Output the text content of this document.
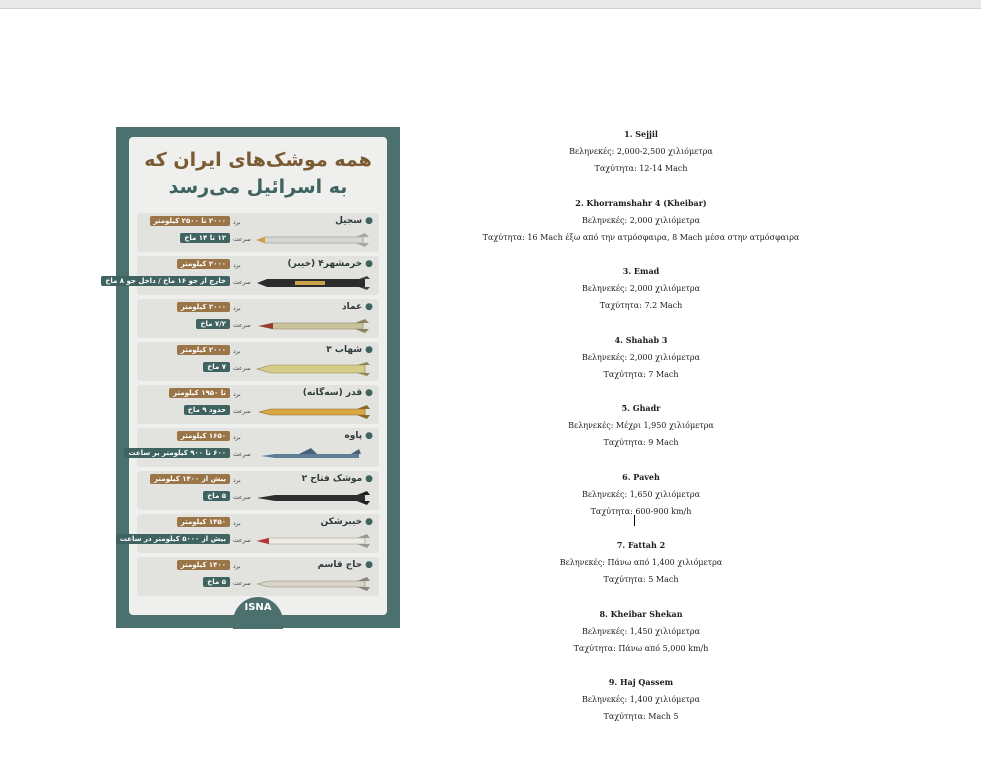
همه موشک‌های ایران که
به اسرائیل می‌رسد
●سجیل
۲۰۰۰ تا ۲۵۰۰ کیلومتر	برد
۱۲ تا ۱۴ ماخ	سرعت
●خرمشهر۴ (خیبر)
۲۰۰۰ کیلومتر	برد
خارج از جو ۱۶ ماخ / داخل جو ۸ ماخ	سرعت
●عماد
۲۰۰۰ کیلومتر	برد
۷/۲ ماخ	سرعت
●شهاب ۳
۲۰۰۰ کیلومتر	برد
۷ ماخ	سرعت
●قدر (سه‌گانه)
تا ۱۹۵۰ کیلومتر	برد
حدود ۹ ماخ	سرعت
●پاوه
۱۶۵۰ کیلومتر	برد
۶۰۰ تا ۹۰۰ کیلومتر بر ساعت	سرعت
●موشک فتاح ۲
بیش از ۱۴۰۰ کیلومتر	برد
۵ ماخ	سرعت
●خیبرشکن
۱۴۵۰ کیلومتر	برد
بیش از ۵۰۰۰ کیلومتر در ساعت	سرعت
●حاج قاسم
۱۴۰۰ کیلومتر	برد
۵ ماخ	سرعت
ISNA
1. Sejjil
Βεληνεκές: 2,000-2,500 χιλιόμετρα
Ταχύτητα: 12-14 Mach
2. Khorramshahr 4 (Kheibar)
Βεληνεκές: 2,000 χιλιόμετρα
Ταχύτητα: 16 Mach έξω από την ατμόσφαιρα, 8 Mach μέσα στην ατμόσφαιρα
3. Emad
Βεληνεκές: 2,000 χιλιόμετρα
Ταχύτητα: 7.2 Mach
4. Shahab 3
Βεληνεκές: 2,000 χιλιόμετρα
Ταχύτητα: 7 Mach
5. Ghadr
Βεληνεκές: Μέχρι 1,950 χιλιόμετρα
Ταχύτητα: 9 Mach
6. Paveh
Βεληνεκές: 1,650 χιλιόμετρα
Ταχύτητα: 600-900 km/h
7. Fattah 2
Βεληνεκές: Πάνω από 1,400 χιλιόμετρα
Ταχύτητα: 5 Mach
8. Kheibar Shekan
Βεληνεκές: 1,450 χιλιόμετρα
Ταχύτητα: Πάνω από 5,000 km/h
9. Haj Qassem
Βεληνεκές: 1,400 χιλιόμετρα
Ταχύτητα: Mach 5
